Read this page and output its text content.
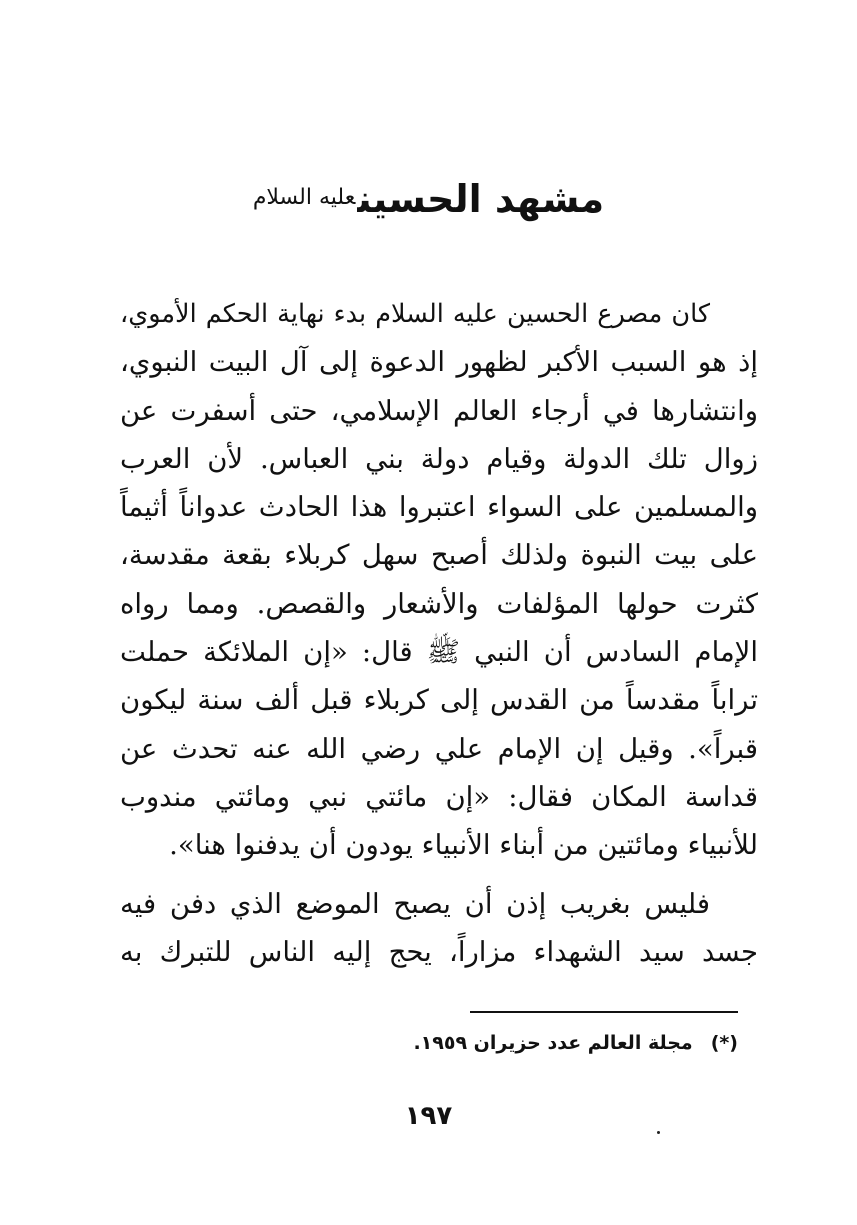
مشهد الحسين$^{عليه السلام}$
كان مصرع الحسين عليه السلام بدء نهاية الحكم الأموي،
إذ هو السبب الأكبر لظهور الدعوة إلى آل البيت النبوي،
وانتشارها في أرجاء العالم الإسلامي، حتى أسفرت عن
زوال تلك الدولة وقيام دولة بني العباس. لأن العرب
والمسلمين على السواء اعتبروا هذا الحادث عدواناً أثيماً
على بيت النبوة ولذلك أصبح سهل كربلاء بقعة مقدسة،
كثرت حولها المؤلفات والأشعار والقصص. ومما رواه
الإمام السادس أن النبي ﷺ قال: «إن الملائكة حملت
تراباً مقدساً من القدس إلى كربلاء قبل ألف سنة ليكون
قبراً». وقيل إن الإمام علي رضي الله عنه تحدث عن
قداسة المكان فقال: «إن مائتي نبي ومائتي مندوب
للأنبياء ومائتين من أبناء الأنبياء يودون أن يدفنوا هنا».
فليس بغريب إذن أن يصبح الموضع الذي دفن فيه
جسد سيد الشهداء مزاراً، يحج إليه الناس للتبرك به
(*)مجلة العالم عدد حزيران ١٩٥٩.
١٩٧
